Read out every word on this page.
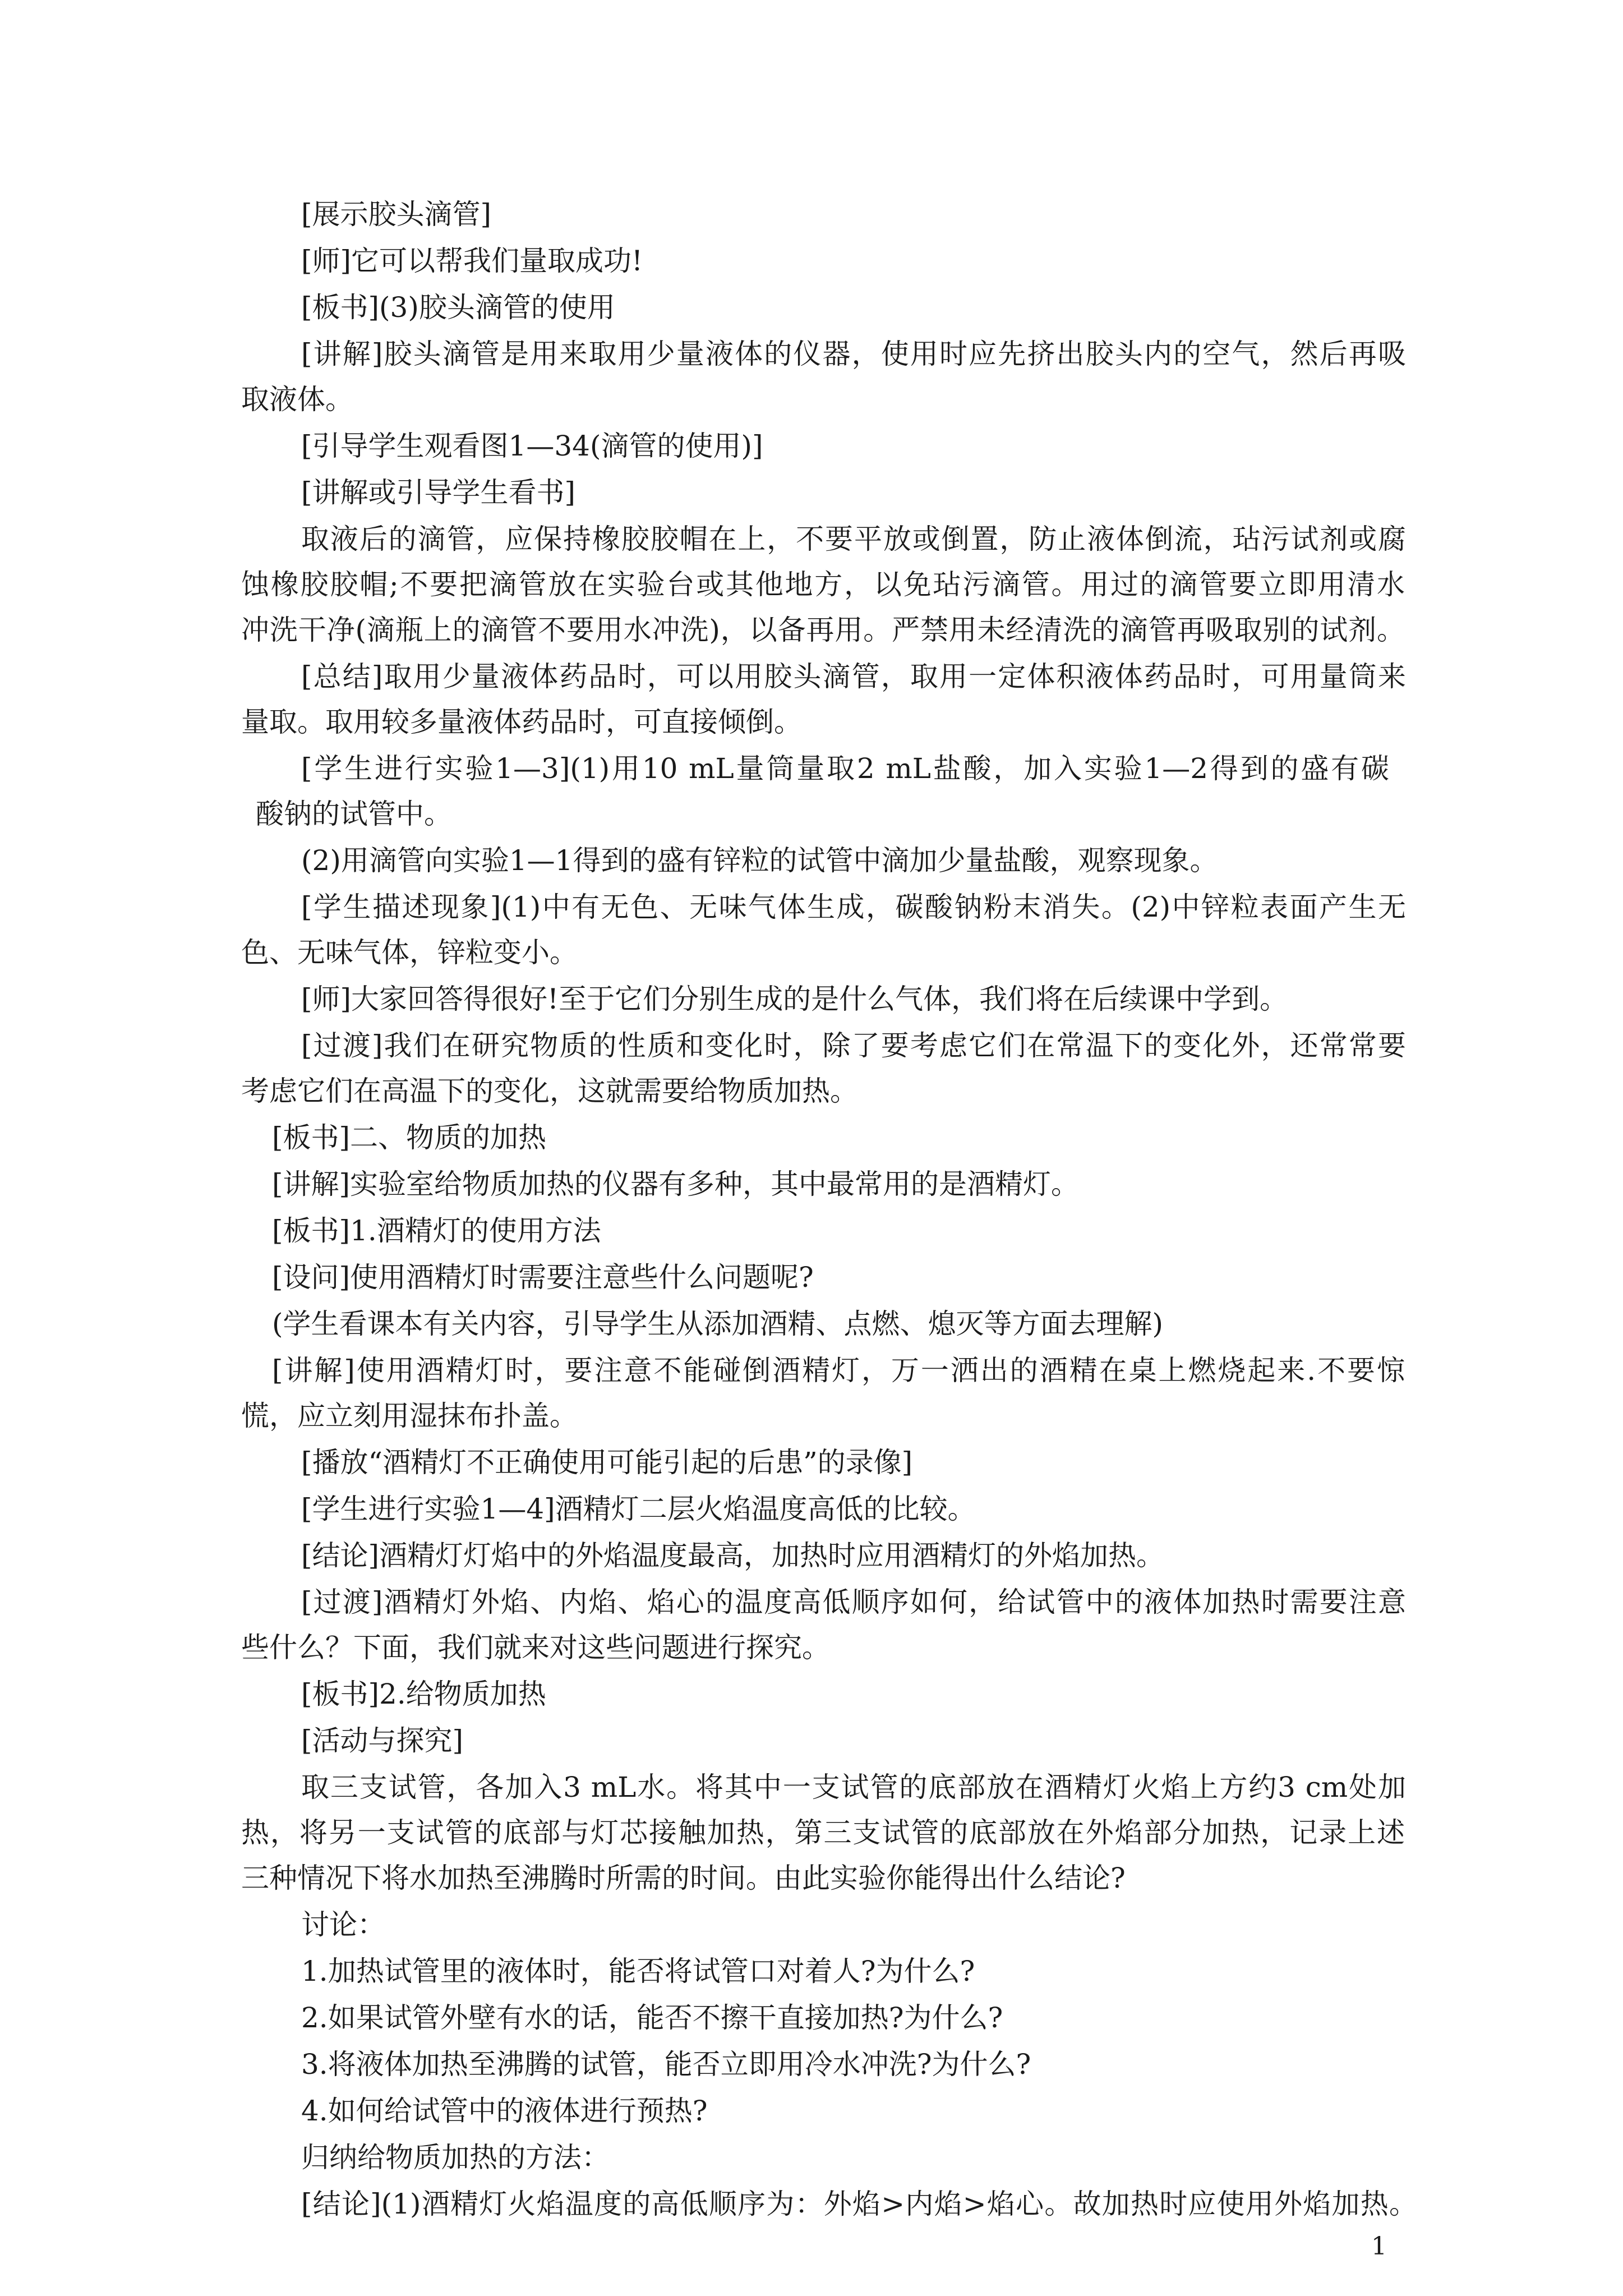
[展示胶头滴管]
[师]它可以帮我们量取成功!
[板书](3)胶头滴管的使用
[讲解]胶头滴管是用来取用少量液体的仪器，使用时应先挤出胶头内的空气，然后再吸
取液体。
[引导学生观看图1—34(滴管的使用)]
[讲解或引导学生看书]
取液后的滴管，应保持橡胶胶帽在上，不要平放或倒置，防止液体倒流，玷污试剂或腐
蚀橡胶胶帽;不要把滴管放在实验台或其他地方，以免玷污滴管。用过的滴管要立即用清水
冲洗干净(滴瓶上的滴管不要用水冲洗)，以备再用。严禁用未经清洗的滴管再吸取别的试剂。
[总结]取用少量液体药品时，可以用胶头滴管，取用一定体积液体药品时，可用量筒来
量取。取用较多量液体药品时，可直接倾倒。
[学生进行实验1—3](1)用10 mL量筒量取2 mL盐酸，加入实验1—2得到的盛有碳
酸钠的试管中。
(2)用滴管向实验1—1得到的盛有锌粒的试管中滴加少量盐酸，观察现象。
[学生描述现象](1)中有无色、无味气体生成，碳酸钠粉末消失。(2)中锌粒表面产生无
色、无味气体，锌粒变小。
[师]大家回答得很好!至于它们分别生成的是什么气体，我们将在后续课中学到。
[过渡]我们在研究物质的性质和变化时，除了要考虑它们在常温下的变化外，还常常要
考虑它们在高温下的变化，这就需要给物质加热。
[板书]二、物质的加热
[讲解]实验室给物质加热的仪器有多种，其中最常用的是酒精灯。
[板书]1.酒精灯的使用方法
[设问]使用酒精灯时需要注意些什么问题呢?
(学生看课本有关内容，引导学生从添加酒精、点燃、熄灭等方面去理解)
[讲解]使用酒精灯时，要注意不能碰倒酒精灯，万一洒出的酒精在桌上燃烧起来.不要惊
慌，应立刻用湿抹布扑盖。
[播放“酒精灯不正确使用可能引起的后患”的录像]
[学生进行实验1—4]酒精灯二层火焰温度高低的比较。
[结论]酒精灯灯焰中的外焰温度最高，加热时应用酒精灯的外焰加热。
[过渡]酒精灯外焰、内焰、焰心的温度高低顺序如何，给试管中的液体加热时需要注意
些什么？下面，我们就来对这些问题进行探究。
[板书]2.给物质加热
[活动与探究]
取三支试管，各加入3 mL水。将其中一支试管的底部放在酒精灯火焰上方约3 cm处加
热，将另一支试管的底部与灯芯接触加热，第三支试管的底部放在外焰部分加热，记录上述
三种情况下将水加热至沸腾时所需的时间。由此实验你能得出什么结论?
讨论：
1.加热试管里的液体时，能否将试管口对着人?为什么?
2.如果试管外壁有水的话，能否不擦干直接加热?为什么?
3.将液体加热至沸腾的试管，能否立即用冷水冲洗?为什么?
4.如何给试管中的液体进行预热?
归纳给物质加热的方法：
[结论](1)酒精灯火焰温度的高低顺序为：外焰>内焰>焰心。故加热时应使用外焰加热。
1
